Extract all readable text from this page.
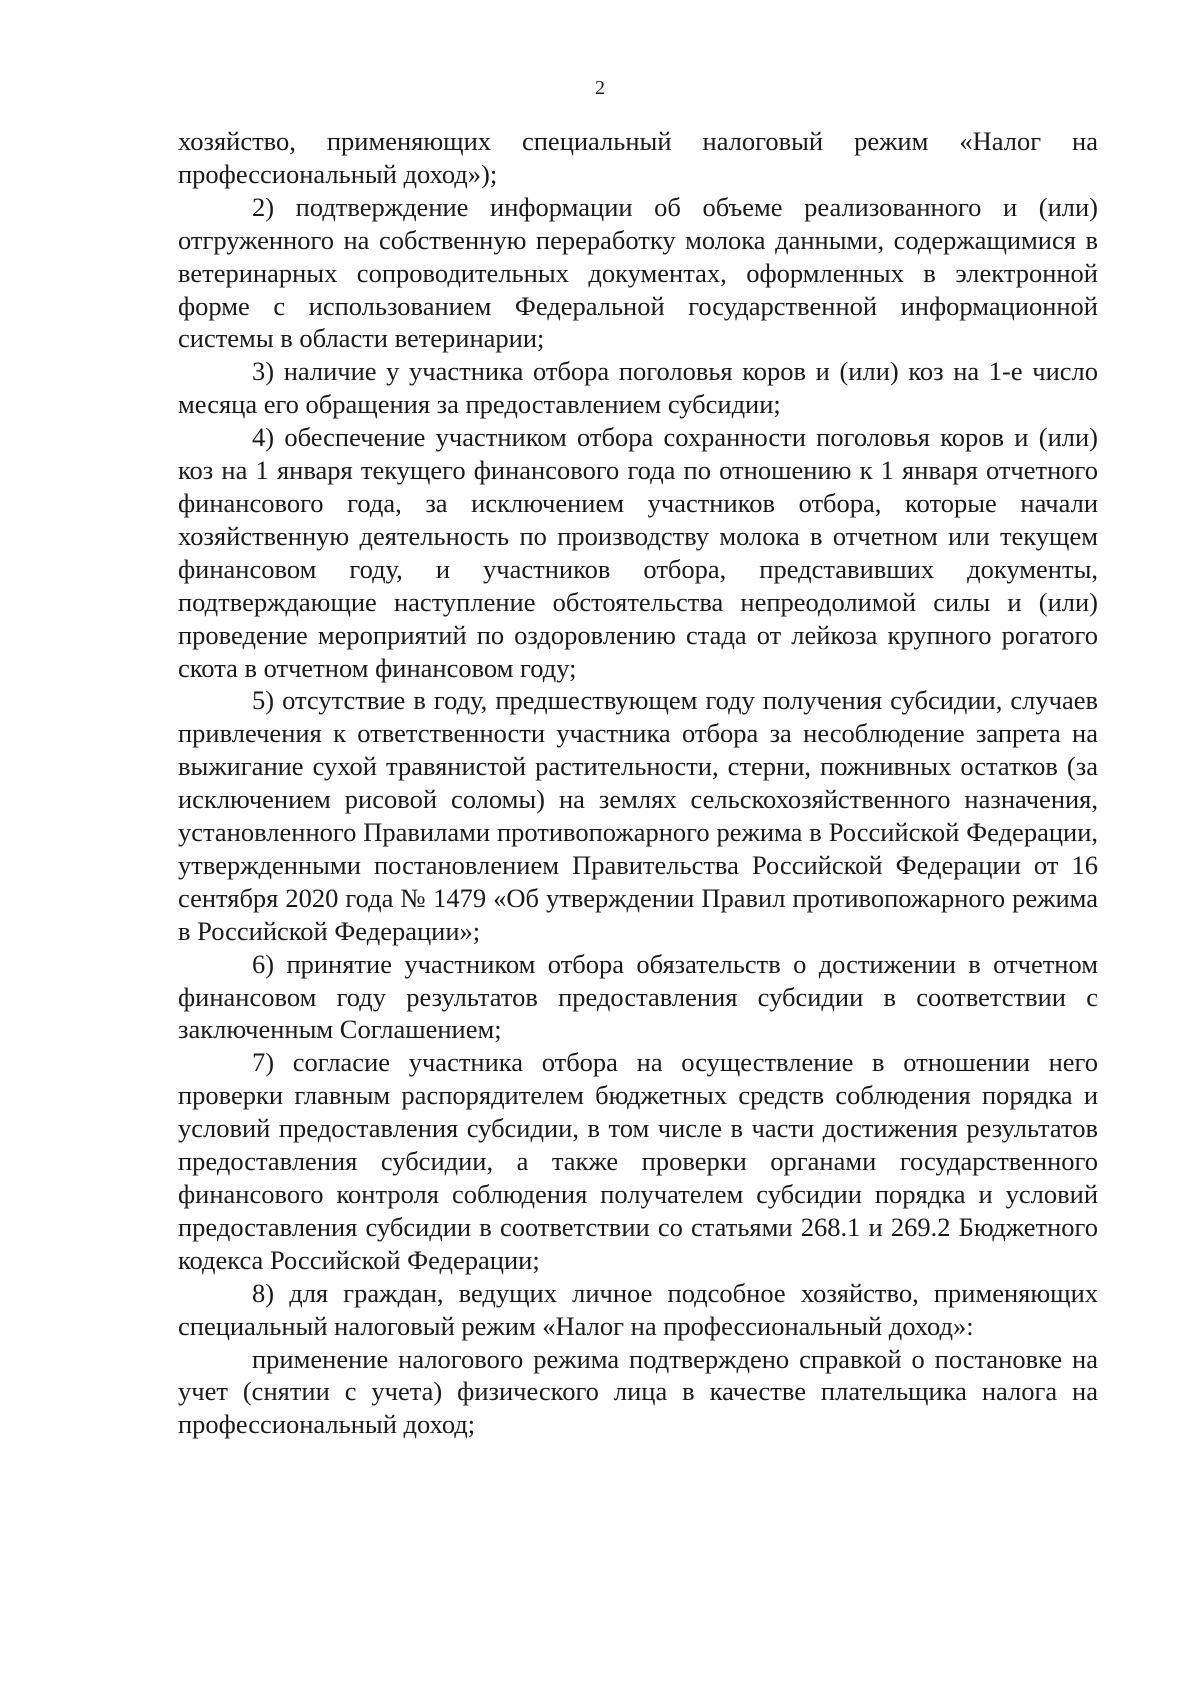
2

хозяйство, применяющих специальный налоговый режим «Налог на профессиональный доход»);

2) подтверждение информации об объеме реализованного и (или) отгруженного на собственную переработку молока данными, содержащимися в ветеринарных сопроводительных документах, оформленных в электронной форме с использованием Федеральной государственной информационной системы в области ветеринарии;

3) наличие у участника отбора поголовья коров и (или) коз на 1-е число месяца его обращения за предоставлением субсидии;

4) обеспечение участником отбора сохранности поголовья коров и (или) коз на 1 января текущего финансового года по отношению к 1 января отчетного финансового года, за исключением участников отбора, которые начали хозяйственную деятельность по производству молока в отчетном или текущем финансовом году, и участников отбора, представивших документы, подтверждающие наступление обстоятельства непреодолимой силы и (или) проведение мероприятий по оздоровлению стада от лейкоза крупного рогатого скота в отчетном финансовом году;

5) отсутствие в году, предшествующем году получения субсидии, случаев привлечения к ответственности участника отбора за несоблюдение запрета на выжигание сухой травянистой растительности, стерни, пожнивных остатков (за исключением рисовой соломы) на землях сельскохозяйственного назначения, установленного Правилами противопожарного режима в Российской Федерации, утвержденными постановлением Правительства Российской Федерации от 16 сентября 2020 года № 1479 «Об утверждении Правил противопожарного режима в Российской Федерации»;

6) принятие участником отбора обязательств о достижении в отчетном финансовом году результатов предоставления субсидии в соответствии с заключенным Соглашением;

7) согласие участника отбора на осуществление в отношении него проверки главным распорядителем бюджетных средств соблюдения порядка и условий предоставления субсидии, в том числе в части достижения результатов предоставления субсидии, а также проверки органами государственного финансового контроля соблюдения получателем субсидии порядка и условий предоставления субсидии в соответствии со статьями 268.1 и 269.2 Бюджетного кодекса Российской Федерации;

8) для граждан, ведущих личное подсобное хозяйство, применяющих специальный налоговый режим «Налог на профессиональный доход»:

применение налогового режима подтверждено справкой о постановке на учет (снятии с учета) физического лица в качестве плательщика налога на профессиональный доход;
